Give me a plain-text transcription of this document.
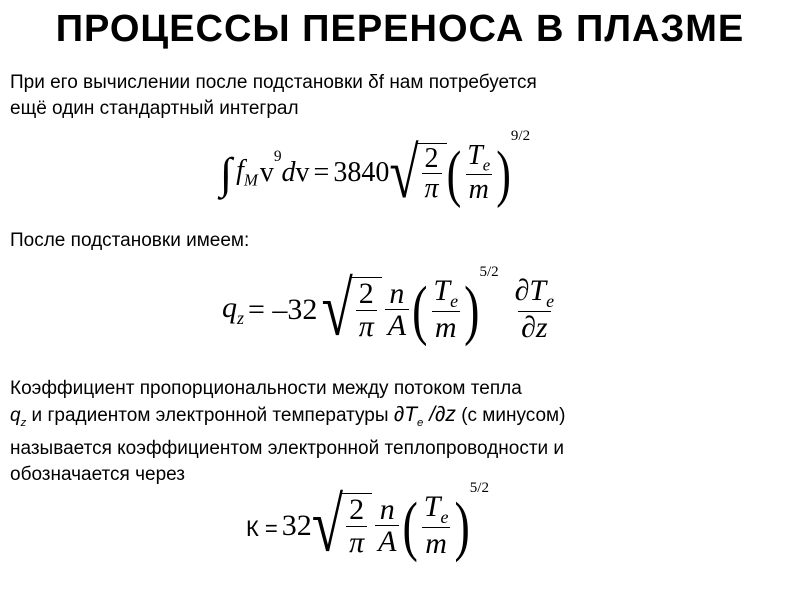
ПРОЦЕССЫ ПЕРЕНОСА В ПЛАЗМЕ
При его вычислении после подстановки δf нам потребуется
ещё один стандартный интеграл
∫ $f_M$ $v^9$
dv = 3840 √ $\frac{2}{\pi}$ ( $\frac{T_e}{m}$ )
9/2
После подстановки имеем:
$q_z = -32$ √ $\frac{2}{\pi} \frac{n}{A}$ ( $\frac{T_e}{m}$ )
5/2
$\frac{\partial T_e}{\partial z}$
Коэффициент пропорциональности между потоком тепла
$q_z$ и градиентом электронной температуры $\partial T_e$ /∂z (с минусом)
называется коэффициентом электронной теплопроводности и
обозначается через
К = 32 √ $\frac{2}{\pi} \frac{n}{A}$ ( $\frac{T_e}{m}$ )
5/2
